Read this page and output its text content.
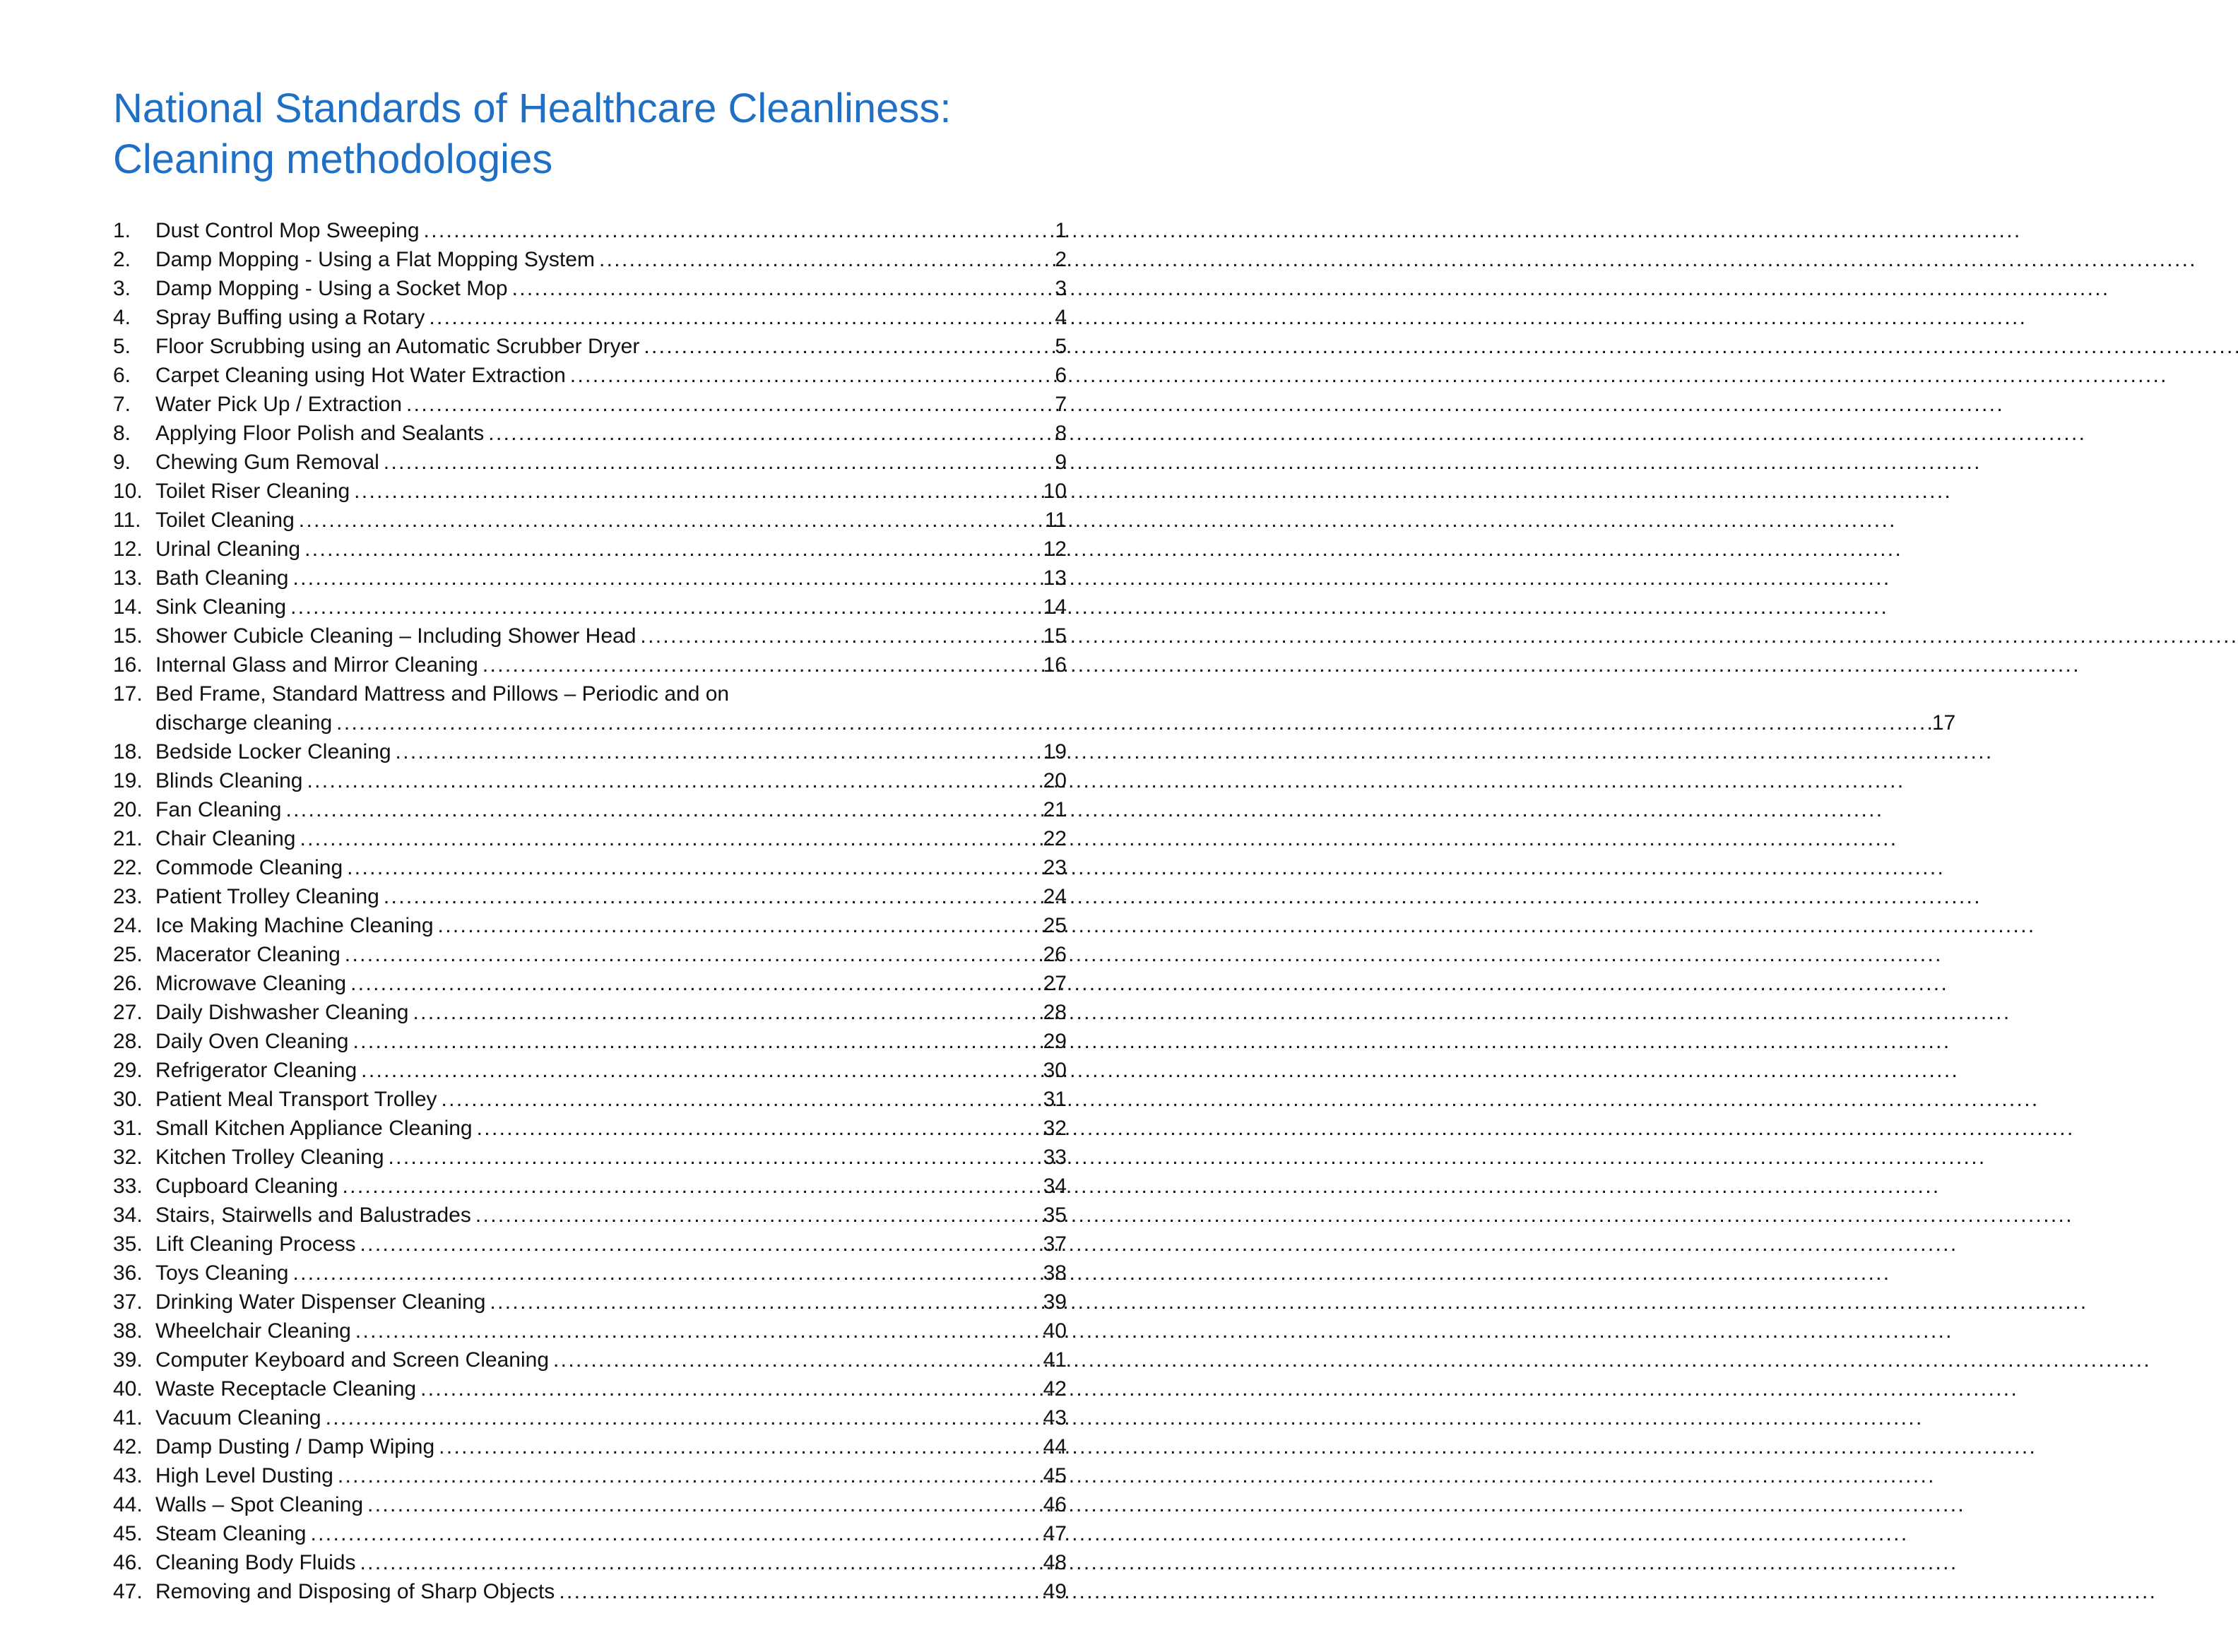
National Standards of Healthcare Cleanliness:
Cleaning methodologies
1.	Dust Control Mop Sweeping . . .	1
2.	Damp Mopping - Using a Flat Mopping System . . .	2
3.	Damp Mopping - Using a Socket Mop . . .	3
4.	Spray Buffing using a Rotary . . .	4
5.	Floor Scrubbing using an Automatic Scrubber Dryer . . .	5
6.	Carpet Cleaning using Hot Water Extraction . . .	6
7.	Water Pick Up / Extraction . . .	7
8.	Applying Floor Polish and Sealants . . .	8
9.	Chewing Gum Removal . . .	9
10. Toilet Riser Cleaning . . .	10
11. Toilet Cleaning . . .	11
12. Urinal Cleaning . . .	12
13. Bath Cleaning . . .	13
14. Sink Cleaning . . .	14
15. Shower Cubicle Cleaning – Including Shower Head . . .	15
16. Internal Glass and Mirror Cleaning . . .	16
17. Bed Frame, Standard Mattress and Pillows – Periodic and on
discharge cleaning . . .	17
18. Bedside Locker Cleaning . . .	19
19. Blinds Cleaning . . .	20
20. Fan Cleaning . . .	21
21. Chair Cleaning . . .	22
22. Commode Cleaning . . .	23
23. Patient Trolley Cleaning . . .	24
24. Ice Making Machine Cleaning . . .	25
25. Macerator Cleaning . . .	26
26. Microwave Cleaning . . .	27
27. Daily Dishwasher Cleaning . . .	28
28. Daily Oven Cleaning . . .	29
29. Refrigerator Cleaning . . .	30
30. Patient Meal Transport Trolley . . .	31
31. Small Kitchen Appliance Cleaning . . .	32
32. Kitchen Trolley Cleaning . . .	33
33. Cupboard Cleaning . . .	34
34. Stairs, Stairwells and Balustrades . . .	35
35. Lift Cleaning Process . . .	37
36. Toys Cleaning . . .	38
37. Drinking Water Dispenser Cleaning . . .	39
38. Wheelchair Cleaning . . .	40
39. Computer Keyboard and Screen Cleaning . . .	41
40. Waste Receptacle Cleaning . . .	42
41. Vacuum Cleaning . . .	43
42. Damp Dusting / Damp Wiping . . .	44
43. High Level Dusting . . .	45
44. Walls – Spot Cleaning . . .	46
45. Steam Cleaning . . .	47
46. Cleaning Body Fluids . . .	48
47. Removing and Disposing of Sharp Objects . . .	49
